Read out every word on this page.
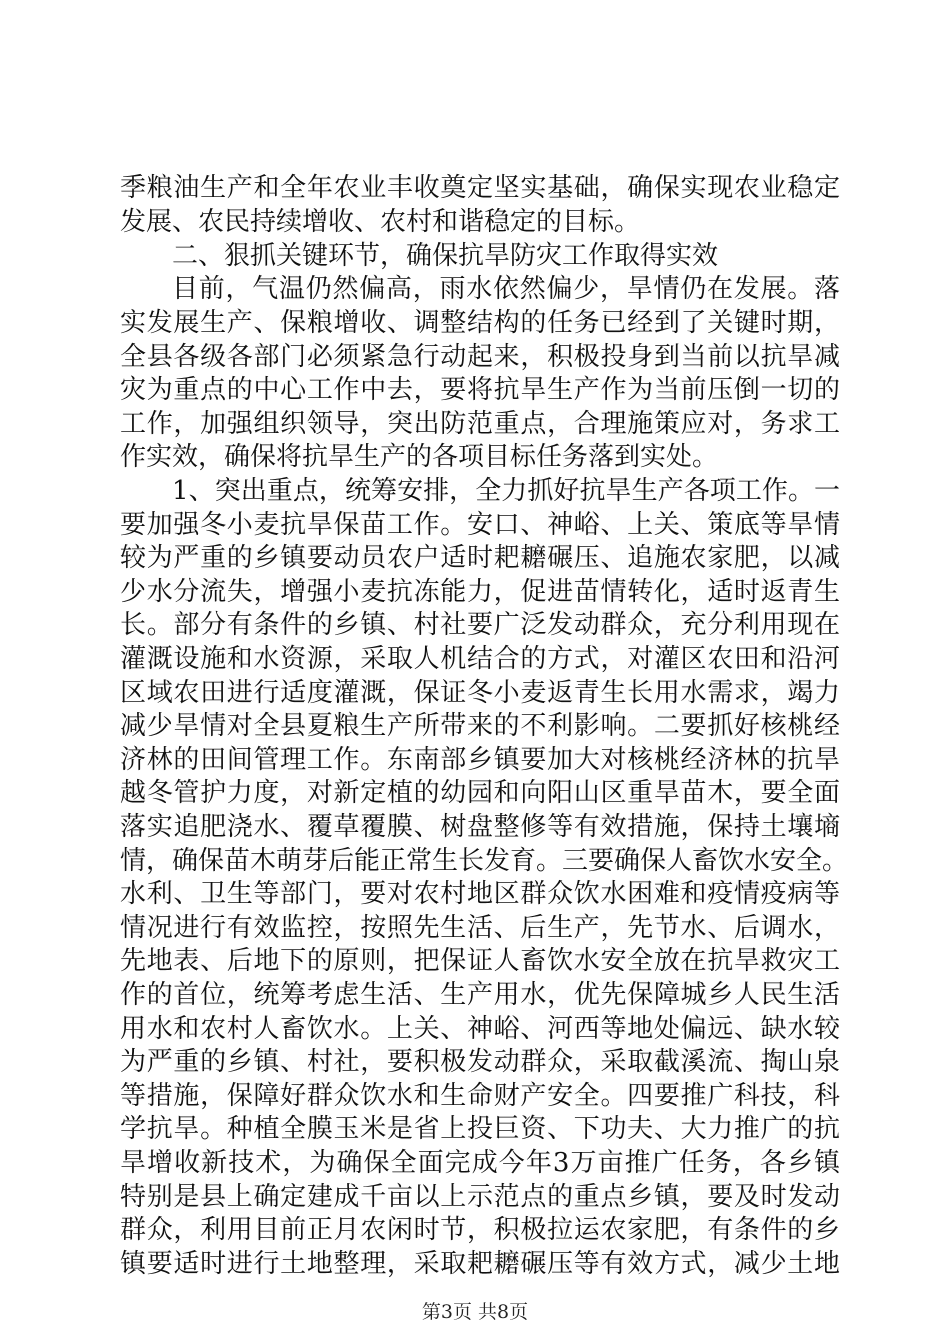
季粮油生产和全年农业丰收奠定坚实基础，确保实现农业稳定
发展、农民持续增收、农村和谐稳定的目标。
二、狠抓关键环节，确保抗旱防灾工作取得实效
目前，气温仍然偏高，雨水依然偏少，旱情仍在发展。落
实发展生产、保粮增收、调整结构的任务已经到了关键时期，
全县各级各部门必须紧急行动起来，积极投身到当前以抗旱减
灾为重点的中心工作中去，要将抗旱生产作为当前压倒一切的
工作，加强组织领导，突出防范重点，合理施策应对，务求工
作实效，确保将抗旱生产的各项目标任务落到实处。
1、突出重点，统筹安排，全力抓好抗旱生产各项工作。一
要加强冬小麦抗旱保苗工作。安口、神峪、上关、策底等旱情
较为严重的乡镇要动员农户适时耙耱碾压、追施农家肥，以减
少水分流失，增强小麦抗冻能力，促进苗情转化，适时返青生
长。部分有条件的乡镇、村社要广泛发动群众，充分利用现在
灌溉设施和水资源，采取人机结合的方式，对灌区农田和沿河
区域农田进行适度灌溉，保证冬小麦返青生长用水需求，竭力
减少旱情对全县夏粮生产所带来的不利影响。二要抓好核桃经
济林的田间管理工作。东南部乡镇要加大对核桃经济林的抗旱
越冬管护力度，对新定植的幼园和向阳山区重旱苗木，要全面
落实追肥浇水、覆草覆膜、树盘整修等有效措施，保持土壤墒
情，确保苗木萌芽后能正常生长发育。三要确保人畜饮水安全。
水利、卫生等部门，要对农村地区群众饮水困难和疫情疫病等
情况进行有效监控，按照先生活、后生产，先节水、后调水，
先地表、后地下的原则，把保证人畜饮水安全放在抗旱救灾工
作的首位，统筹考虑生活、生产用水，优先保障城乡人民生活
用水和农村人畜饮水。上关、神峪、河西等地处偏远、缺水较
为严重的乡镇、村社，要积极发动群众，采取截溪流、掏山泉
等措施，保障好群众饮水和生命财产安全。四要推广科技，科
学抗旱。种植全膜玉米是省上投巨资、下功夫、大力推广的抗
旱增收新技术，为确保全面完成今年3万亩推广任务，各乡镇
特别是县上确定建成千亩以上示范点的重点乡镇，要及时发动
群众，利用目前正月农闲时节，积极拉运农家肥，有条件的乡
镇要适时进行土地整理，采取耙耱碾压等有效方式，减少土地
第3页 共8页
